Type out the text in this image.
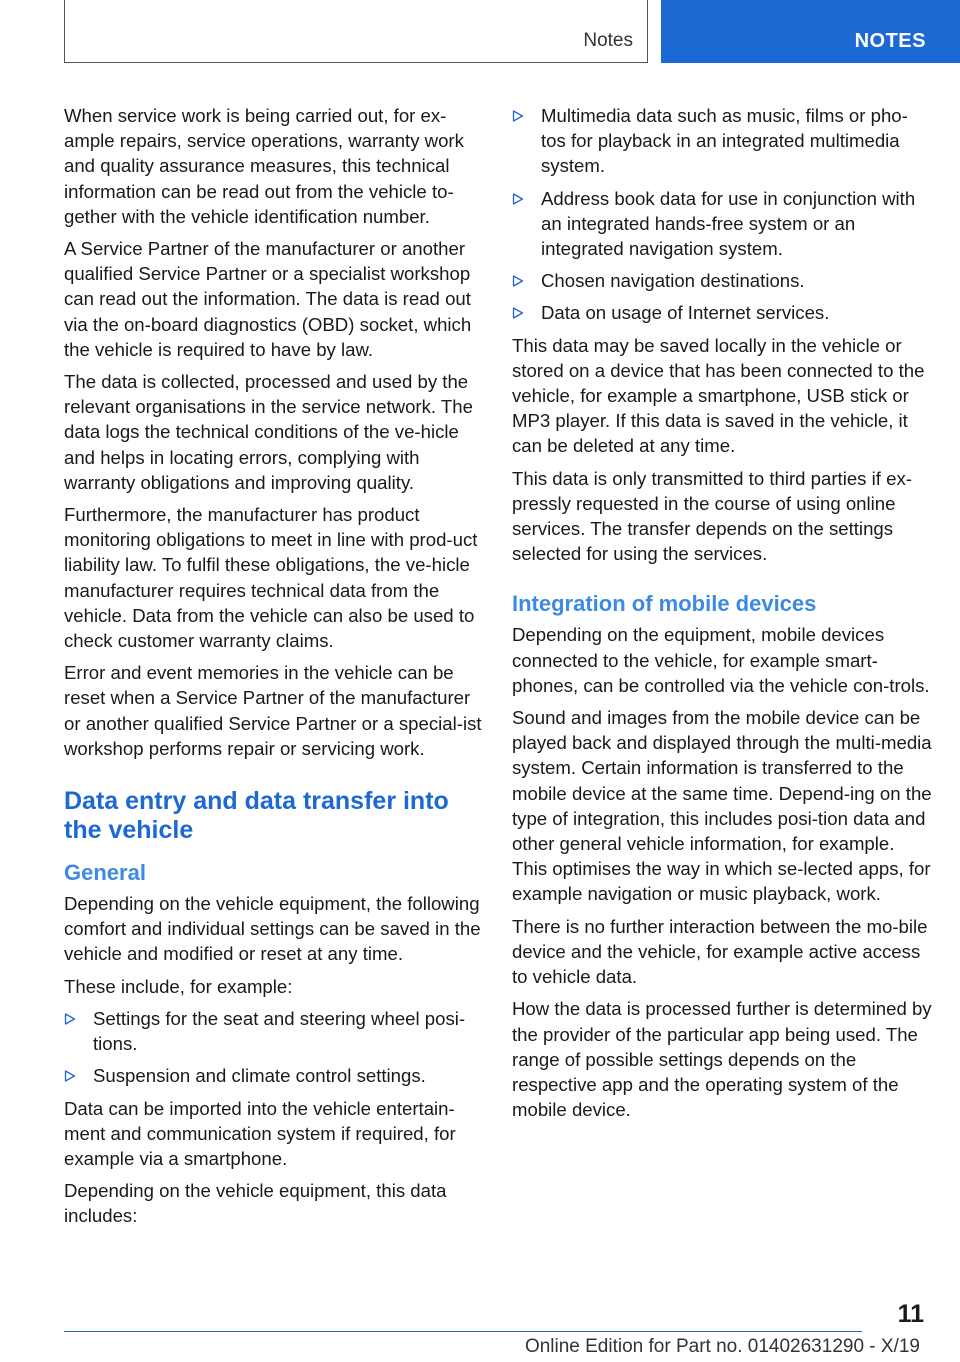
Notes	NOTES

When service work is being carried out, for ex-ample repairs, service operations, warranty work and quality assurance measures, this technical information can be read out from the vehicle to-gether with the vehicle identification number.

A Service Partner of the manufacturer or another qualified Service Partner or a specialist workshop can read out the information. The data is read out via the on-board diagnostics (OBD) socket, which the vehicle is required to have by law.

The data is collected, processed and used by the relevant organisations in the service network. The data logs the technical conditions of the ve-hicle and helps in locating errors, complying with warranty obligations and improving quality.

Furthermore, the manufacturer has product monitoring obligations to meet in line with prod-uct liability law. To fulfil these obligations, the ve-hicle manufacturer requires technical data from the vehicle. Data from the vehicle can also be used to check customer warranty claims.

Error and event memories in the vehicle can be reset when a Service Partner of the manufacturer or another qualified Service Partner or a special-ist workshop performs repair or servicing work.

Data entry and data transfer into the vehicle
General

Depending on the vehicle equipment, the following comfort and individual settings can be saved in the vehicle and modified or reset at any time.

These include, for example:

Settings for the seat and steering wheel posi-tions.
Suspension and climate control settings.

Data can be imported into the vehicle entertain-ment and communication system if required, for example via a smartphone.

Depending on the vehicle equipment, this data includes:

Multimedia data such as music, films or pho-tos for playback in an integrated multimedia system.
Address book data for use in conjunction with an integrated hands-free system or an integrated navigation system.
Chosen navigation destinations.
Data on usage of Internet services.

This data may be saved locally in the vehicle or stored on a device that has been connected to the vehicle, for example a smartphone, USB stick or MP3 player. If this data is saved in the vehicle, it can be deleted at any time.

This data is only transmitted to third parties if ex-pressly requested in the course of using online services. The transfer depends on the settings selected for using the services.

Integration of mobile devices

Depending on the equipment, mobile devices connected to the vehicle, for example smart-phones, can be controlled via the vehicle con-trols.

Sound and images from the mobile device can be played back and displayed through the multi-media system. Certain information is transferred to the mobile device at the same time. Depend-ing on the type of integration, this includes posi-tion data and other general vehicle information, for example. This optimises the way in which se-lected apps, for example navigation or music playback, work.

There is no further interaction between the mo-bile device and the vehicle, for example active access to vehicle data.

How the data is processed further is determined by the provider of the particular app being used. The range of possible settings depends on the respective app and the operating system of the mobile device.

11
Online Edition for Part no. 01402631290 - X/19
